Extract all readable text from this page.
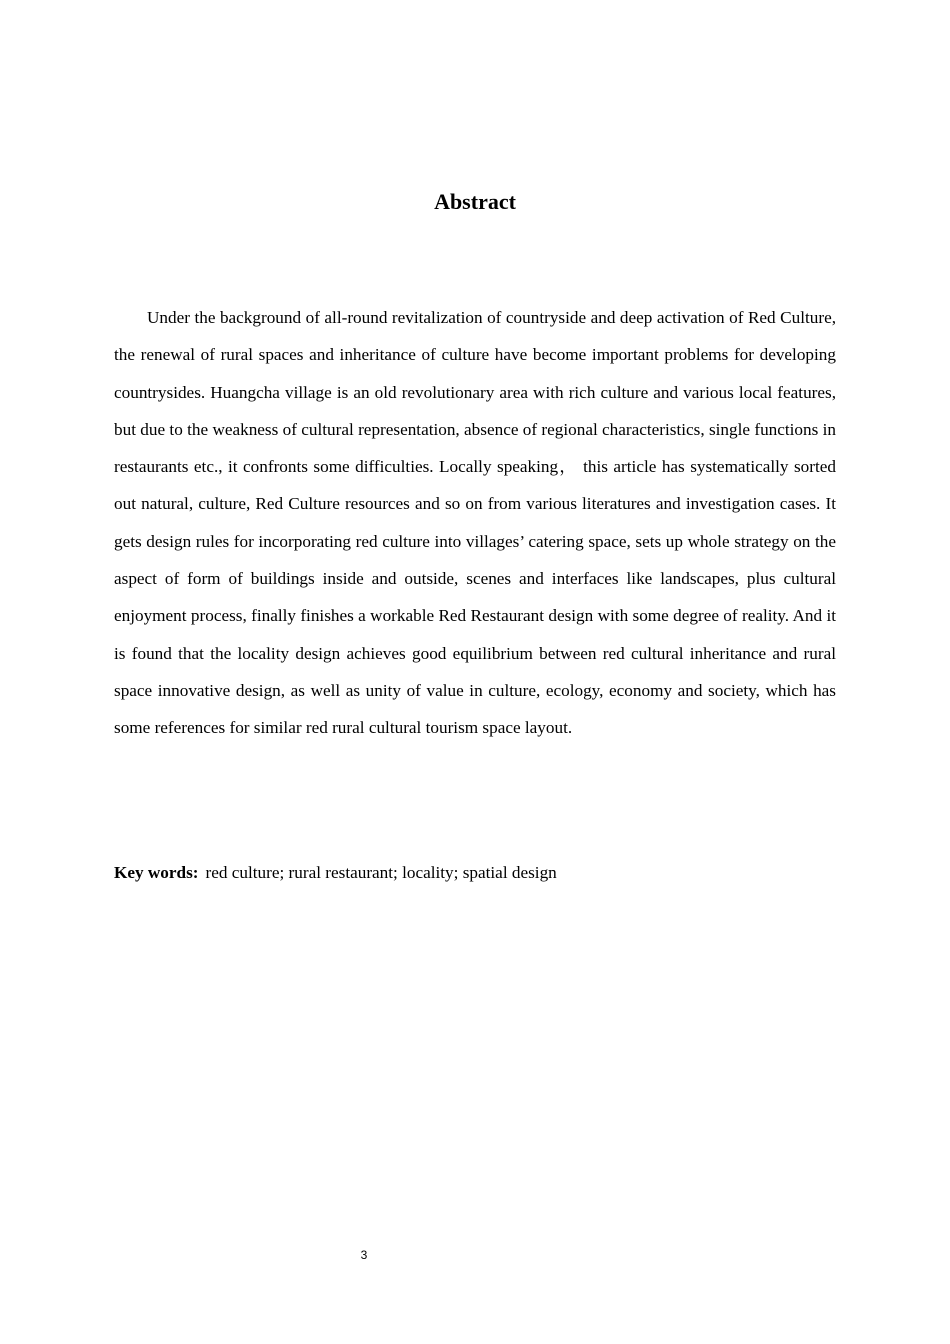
Abstract

Under the background of all-round revitalization of countryside and deep activation of Red Culture, the renewal of rural spaces and inheritance of culture have become important problems for developing countrysides. Huangcha village is an old revolutionary area with rich culture and various local features, but due to the weakness of cultural representation, absence of regional characteristics, single functions in restaurants etc., it confronts some difficulties. Locally speaking， this article has systematically sorted out natural, culture, Red Culture resources and so on from various literatures and investigation cases. It gets design rules for incorporating red culture into villages’ catering space, sets up whole strategy on the aspect of form of buildings inside and outside, scenes and interfaces like landscapes, plus cultural enjoyment process, finally finishes a workable Red Restaurant design with some degree of reality. And it is found that the locality design achieves good equilibrium between red cultural inheritance and rural space innovative design, as well as unity of value in culture, ecology, economy and society, which has some references for similar red rural cultural tourism space layout.

Key words: red culture; rural restaurant; locality; spatial design

3
